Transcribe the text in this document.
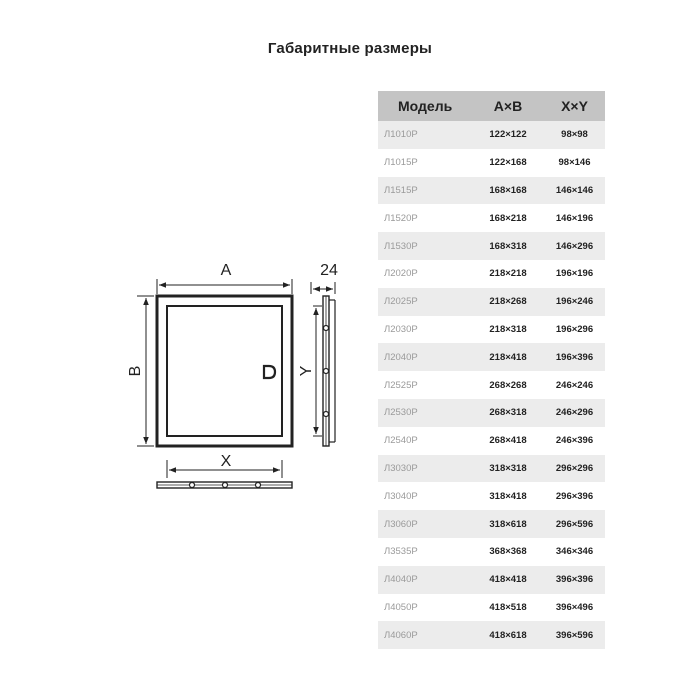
Габаритные размеры
A
B
X
24
Y
Модель	A×B	X×Y
Л1010Р	122×122	98×98
Л1015Р	122×168	98×146
Л1515Р	168×168	146×146
Л1520Р	168×218	146×196
Л1530Р	168×318	146×296
Л2020Р	218×218	196×196
Л2025Р	218×268	196×246
Л2030Р	218×318	196×296
Л2040Р	218×418	196×396
Л2525Р	268×268	246×246
Л2530Р	268×318	246×296
Л2540Р	268×418	246×396
Л3030Р	318×318	296×296
Л3040Р	318×418	296×396
Л3060Р	318×618	296×596
Л3535Р	368×368	346×346
Л4040Р	418×418	396×396
Л4050Р	418×518	396×496
Л4060Р	418×618	396×596
